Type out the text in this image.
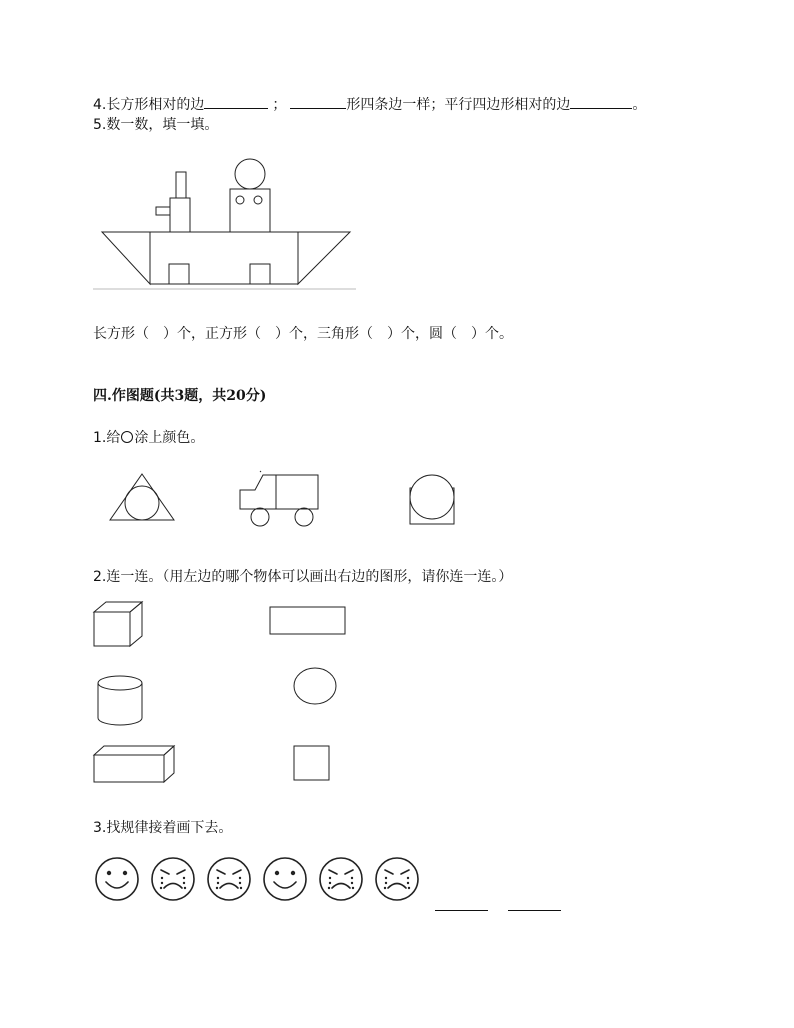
4.长方形相对的边	；	形四条边一样；平行四边形相对的边	。
5.数一数，填一填。
长方形（　）个，正方形（　）个，三角形（　）个，圆（　）个。
四.作图题(共3题，共20分)
1.给 涂上颜色。
2.连一连。（用左边的哪个物体可以画出右边的图形，请你连一连。）
3.找规律接着画下去。
